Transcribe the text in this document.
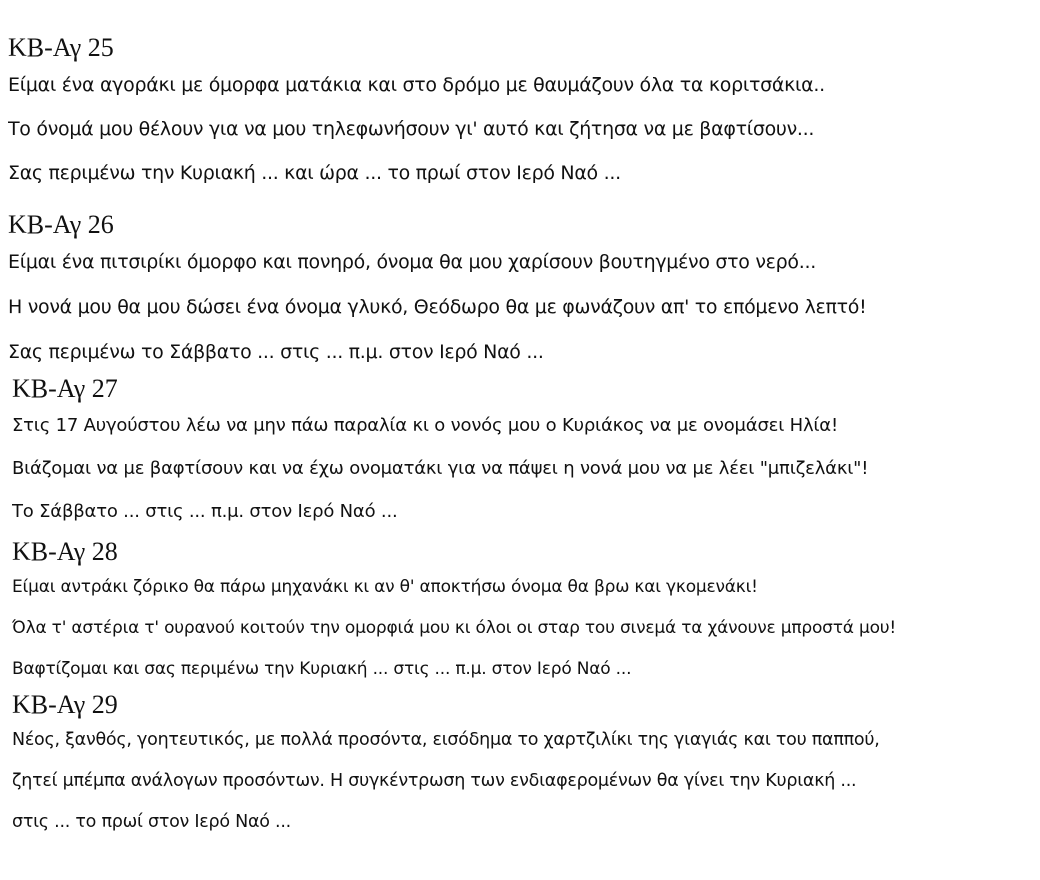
ΚΒ-Αγ 25
Είμαι ένα αγοράκι με όμορφα ματάκια και στο δρόμο με θαυμάζουν όλα τα κοριτσάκια..
Το όνομά μου θέλουν για να μου τηλεφωνήσουν γι' αυτό και ζήτησα να με βαφτίσουν...
Σας περιμένω την Κυριακή ... και ώρα ... το πρωί στον Ιερό Ναό ...
ΚΒ-Αγ 26
Είμαι ένα πιτσιρίκι όμορφο και πονηρό, όνομα θα μου χαρίσουν βουτηγμένο στο νερό...
Η νονά μου θα μου δώσει ένα όνομα γλυκό, Θεόδωρο θα με φωνάζουν απ' το επόμενο λεπτό!
Σας περιμένω το Σάββατο ... στις ... π.μ. στον Ιερό Ναό ...
ΚΒ-Αγ 27
Στις 17 Αυγούστου λέω να μην πάω παραλία κι ο νονός μου ο Κυριάκος να με ονομάσει Ηλία!
Βιάζομαι να με βαφτίσουν και να έχω ονοματάκι για να πάψει η νονά μου να με λέει "μπιζελάκι"!
Το Σάββατο ... στις ... π.μ. στον Ιερό Ναό ...
ΚΒ-Αγ 28
Είμαι αντράκι ζόρικο θα πάρω μηχανάκι κι αν θ' αποκτήσω όνομα θα βρω και γκομενάκι!
Όλα τ' αστέρια τ' ουρανού κοιτούν την ομορφιά μου κι όλοι οι σταρ του σινεμά τα χάνουνε μπροστά μου!
Βαφτίζομαι και σας περιμένω την Κυριακή ... στις ... π.μ. στον Ιερό Ναό ...
ΚΒ-Αγ 29
Νέος, ξανθός, γοητευτικός, με πολλά προσόντα, εισόδημα το χαρτζιλίκι της γιαγιάς και του παππού,
ζητεί μπέμπα ανάλογων προσόντων. Η συγκέντρωση των ενδιαφερομένων θα γίνει την Κυριακή ...
στις ... το πρωί στον Ιερό Ναό ...
